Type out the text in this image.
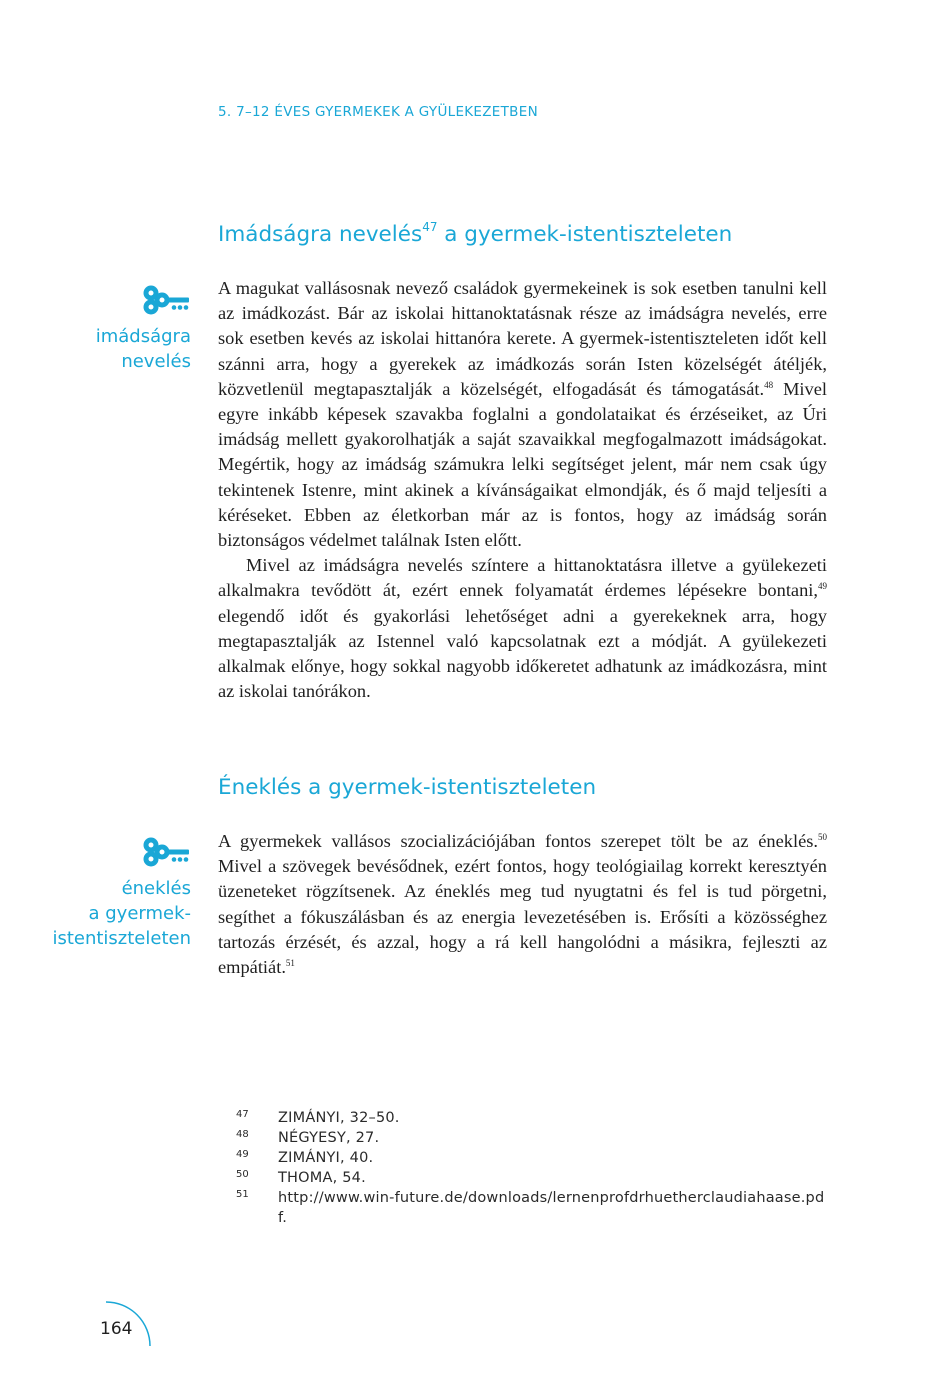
5. 7–12 ÉVES GYERMEKEK A GYÜLEKEZETBEN
Imádságra nevelés$^{47}$ a gyermek-istentiszteleten
imádságra
nevelés

A magukat vallásosnak nevező családok gyermekeinek is sok esetben tanulni kell az imádkozást. Bár az iskolai hittanoktatásnak része az imádságra nevelés, erre sok esetben kevés az iskolai hittanóra kerete. A gyermek-istentiszteleten időt kell szánni arra, hogy a gyerekek az imádkozás során Isten közelségét átéljék, közvetlenül megtapasztalják a közelségét, elfogadását és támogatását.$^{48}$ Mivel egyre inkább képesek szavakba foglalni a gondolataikat és érzéseiket, az Úri imádság mellett gyakorolhatják a saját szavaikkal megfogalmazott imádságokat. Megértik, hogy az imádság számukra lelki segítséget jelent, már nem csak úgy tekintenek Istenre, mint akinek a kívánságaikat elmondják, és ő majd teljesíti a kéréseket. Ebben az életkorban már az is fontos, hogy az imádság során biztonságos védelmet találnak Isten előtt.

Mivel az imádságra nevelés színtere a hittanoktatásra illetve a gyülekezeti alkalmakra tevődött át, ezért ennek folyamatát érdemes lépésekre bontani,$^{49}$ elegendő időt és gyakorlási lehetőséget adni a gyerekeknek arra, hogy megtapasztalják az Istennel való kapcsolatnak ezt a módját. A gyülekezeti alkalmak előnye, hogy sokkal nagyobb időkeretet adhatunk az imádkozásra, mint az iskolai tanórákon.

Éneklés a gyermek-istentiszteleten
éneklés
a gyermek-
istentiszteleten

A gyermekek vallásos szocializációjában fontos szerepet tölt be az éneklés.$^{50}$ Mivel a szövegek bevésődnek, ezért fontos, hogy teológiailag korrekt keresztyén üzeneteket rögzítsenek. Az éneklés meg tud nyugtatni és fel is tud pörgetni, segíthet a fókuszálásban és az energia levezetésében is. Erősíti a közösséghez tartozás érzését, és azzal, hogy a rá kell hangolódni a másikra, fejleszti az empátiát.$^{51}$

47	ZIMÁNYI, 32–50.
48	NÉGYESY, 27.
49	ZIMÁNYI, 40.
50	THOMA, 54.
51	http://www.win-future.de/downloads/lernenprofdrhuetherclaudiahaase.pdf.
164
